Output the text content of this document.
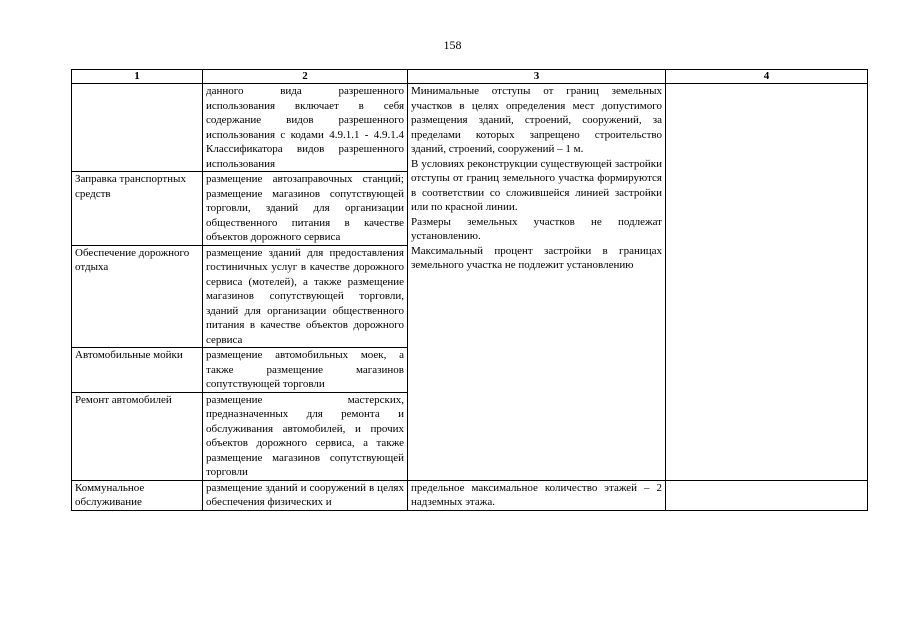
158
1	2	3	4
	данного вида разрешенного использования включает в себя содержание видов разрешенного использования с кодами 4.9.1.1 - 4.9.1.4 Классификатора видов разрешенного использования	Минимальные отступы от границ земельных участков в целях определения мест допустимого размещения зданий, строений, сооружений, за пределами которых запрещено строительство зданий, строений, сооружений – 1 м.

В условиях реконструкции существующей застройки отступы от границ земельного участка формируются в соответствии со сложившейся линией застройки или по красной линии.

Размеры земельных участков не подлежат установлению.

Максимальный процент застройки в границах земельного участка не подлежит установлению	

Заправка транспортных средств	размещение автозаправочных станций; размещение магазинов сопутствующей торговли, зданий для организации общественного питания в качестве объектов дорожного сервиса		
Обеспечение дорожного отдыха	размещение зданий для предоставления гостиничных услуг в качестве дорожного сервиса (мотелей), а также размещение магазинов сопутствующей торговли, зданий для организации общественного питания в качестве объектов дорожного сервиса		
Автомобильные мойки	размещение автомобильных моек, а также размещение магазинов сопутствующей торговли		
Ремонт автомобилей	размещение мастерских, предназначенных для ремонта и обслуживания автомобилей, и прочих объектов дорожного сервиса, а также размещение магазинов сопутствующей торговли		
Коммунальное обслуживание	размещение зданий и сооружений в целях обеспечения физических и	предельное максимальное количество этажей – 2 надземных этажа.	
